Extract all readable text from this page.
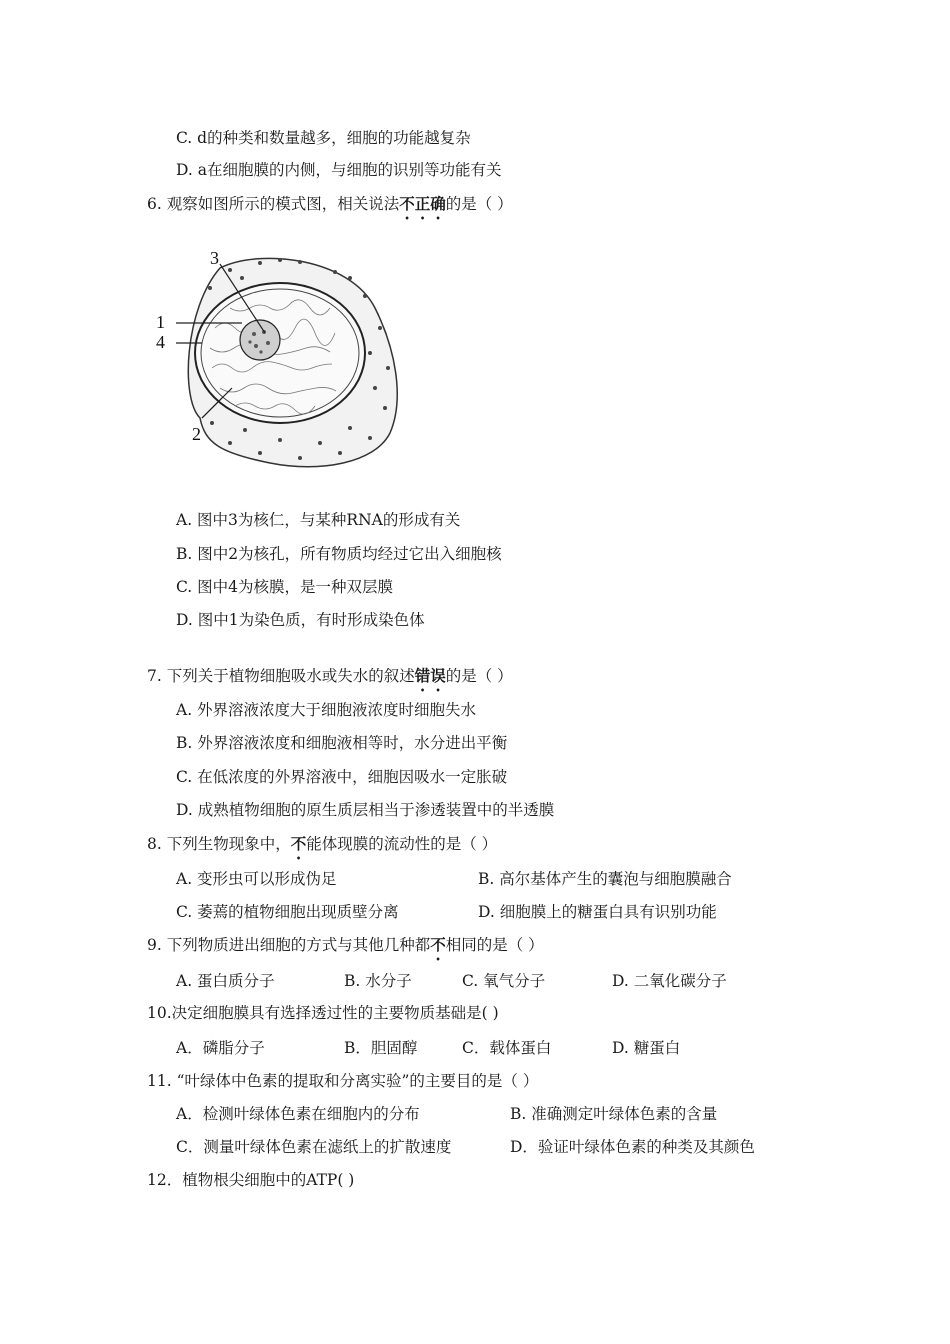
C. d的种类和数量越多，细胞的功能越复杂
D. a在细胞膜的内侧，与细胞的识别等功能有关
6. 观察如图所示的模式图，相关说法不正确的是（ ）
3
1
4
2
A. 图中3为核仁，与某种RNA的形成有关
B. 图中2为核孔，所有物质均经过它出入细胞核
C. 图中4为核膜，是一种双层膜
D. 图中1为染色质，有时形成染色体
7. 下列关于植物细胞吸水或失水的叙述错误的是（ ）
A. 外界溶液浓度大于细胞液浓度时细胞失水
B. 外界溶液浓度和细胞液相等时，水分进出平衡
C. 在低浓度的外界溶液中，细胞因吸水一定胀破
D. 成熟植物细胞的原生质层相当于渗透装置中的半透膜
8. 下列生物现象中，不能体现膜的流动性的是（ ）
A. 变形虫可以形成伪足	B. 高尔基体产生的囊泡与细胞膜融合
C. 萎蔫的植物细胞出现质壁分离	D. 细胞膜上的糖蛋白具有识别功能
9. 下列物质进出细胞的方式与其他几种都不相同的是（ ）
A. 蛋白质分子	B. 水分子	C. 氧气分子	D. 二氧化碳分子
10.决定细胞膜具有选择透过性的主要物质基础是( )
A．磷脂分子	B．胆固醇	C．载体蛋白	D. 糖蛋白
11. “叶绿体中色素的提取和分离实验”的主要目的是（ ）
A．检测叶绿体色素在细胞内的分布	B. 准确测定叶绿体色素的含量
C．测量叶绿体色素在滤纸上的扩散速度	D．验证叶绿体色素的种类及其颜色
12．植物根尖细胞中的ATP( )
